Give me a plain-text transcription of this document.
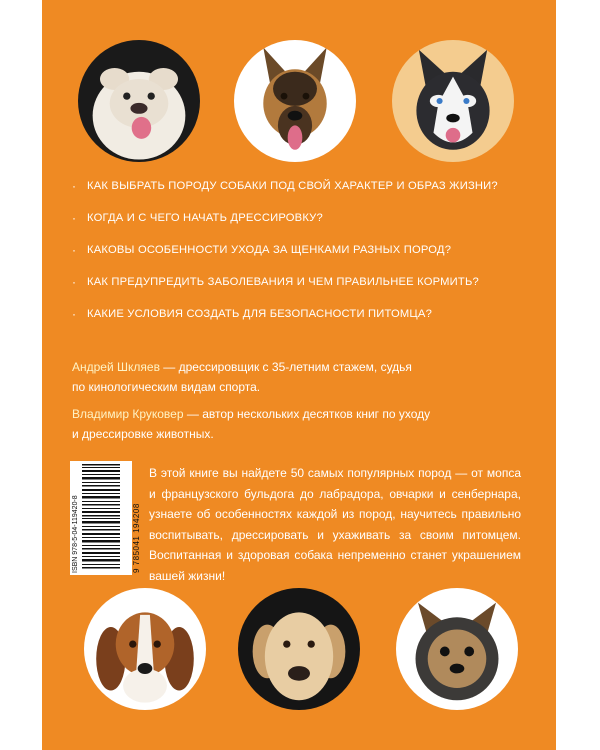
· КАК ВЫБРАТЬ ПОРОДУ СОБАКИ ПОД СВОЙ ХАРАКТЕР И ОБРАЗ ЖИЗНИ?
· КОГДА И С ЧЕГО НАЧАТЬ ДРЕССИРОВКУ?
· КАКОВЫ ОСОБЕННОСТИ УХОДА ЗА ЩЕНКАМИ РАЗНЫХ ПОРОД?
· КАК ПРЕДУПРЕДИТЬ ЗАБОЛЕВАНИЯ И ЧЕМ ПРАВИЛЬНЕЕ КОРМИТЬ?
· КАКИЕ УСЛОВИЯ СОЗДАТЬ ДЛЯ БЕЗОПАСНОСТИ ПИТОМЦА?
Андрей Шкляев — дрессировщик с 35-летним стажем, судья
по кинологическим видам спорта.
Владимир Круковер — автор нескольких десятков книг по уходу
и дрессировке животных.
ISBN 978-5-04-119420-8	9 785041 194208
В этой книге вы найдете 50 самых популярных пород — от мопса и французского бульдога до лабрадора, овчарки и сенбернара, узнаете об особенностях каждой из пород, научитесь правильно воспитывать, дрессировать и ухаживать за своим питомцем. Воспитанная и здоровая собака непременно станет украшением вашей жизни!
